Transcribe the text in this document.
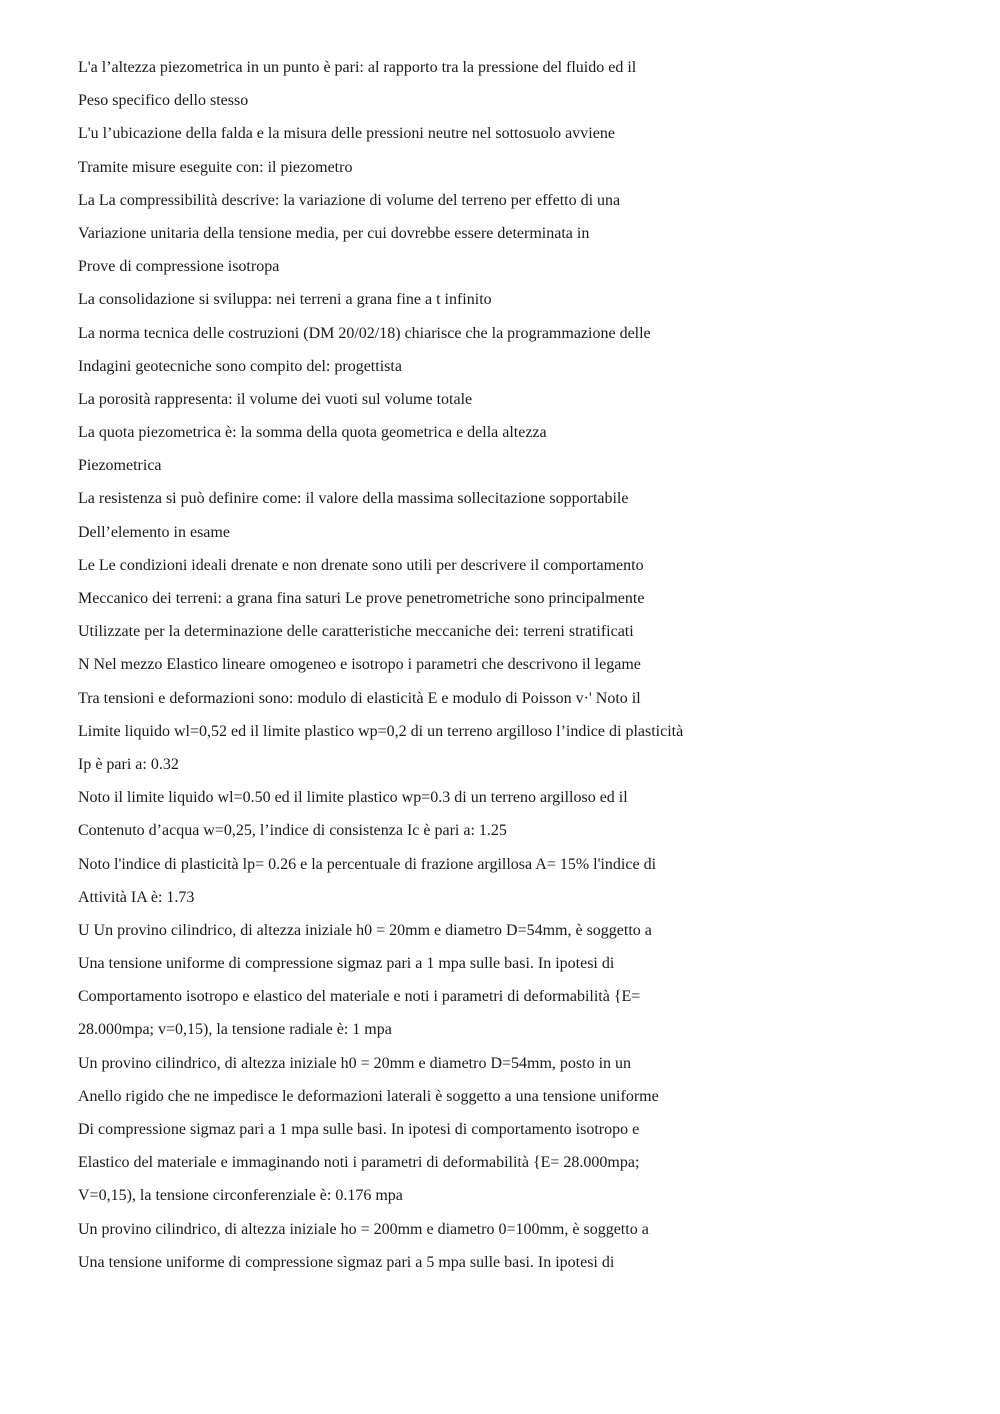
L'a l’altezza piezometrica in un punto è pari: al rapporto tra la pressione del fluido ed il
Peso specifico dello stesso
L'u l’ubicazione della falda e la misura delle pressioni neutre nel sottosuolo avviene
Tramite misure eseguite con: il piezometro
La La compressibilità descrive: la variazione di volume del terreno per effetto di una
Variazione unitaria della tensione media, per cui dovrebbe essere determinata in
Prove di compressione isotropa
La consolidazione si sviluppa: nei terreni a grana fine a t infinito
La norma tecnica delle costruzioni (DM 20/02/18) chiarisce che la programmazione delle
Indagini geotecniche sono compito del: progettista
La porosità rappresenta: il volume dei vuoti sul volume totale
La quota piezometrica è: la somma della quota geometrica e della altezza
Piezometrica
La resistenza si può definire come: il valore della massima sollecitazione sopportabile
Dell’elemento in esame
Le Le condizioni ideali drenate e non drenate sono utili per descrivere il comportamento
Meccanico dei terreni: a grana fina saturi Le prove penetrometriche sono principalmente
Utilizzate per la determinazione delle caratteristiche meccaniche dei: terreni stratificati
N Nel mezzo Elastico lineare omogeneo e isotropo i parametri che descrivono il legame
Tra tensioni e deformazioni sono: modulo di elasticità E e modulo di Poisson v·' Noto il
Limite liquido wl=0,52 ed il limite plastico wp=0,2 di un terreno argilloso l’indice di plasticità
Ip è pari a: 0.32
Noto il limite liquido wl=0.50 ed il limite plastico wp=0.3 di un terreno argilloso ed il
Contenuto d’acqua w=0,25, l’indice di consistenza Ic è pari a: 1.25
Noto l'indice di plasticità lp= 0.26 e la percentuale di frazione argillosa A= 15% l'indice di
Attività IA è: 1.73
U Un provino cilindrico, di altezza iniziale h0 = 20mm e diametro D=54mm, è soggetto a
Una tensione uniforme di compressione sigmaz pari a 1 mpa sulle basi. In ipotesi di
Comportamento isotropo e elastico del materiale e noti i parametri di deformabilità {E=
28.000mpa; v=0,15), la tensione radiale è: 1 mpa
Un provino cilindrico, di altezza iniziale h0 = 20mm e diametro D=54mm, posto in un
Anello rigido che ne impedisce le deformazioni laterali è soggetto a una tensione uniforme
Di compressione sigmaz pari a 1 mpa sulle basi. In ipotesi di comportamento isotropo e
Elastico del materiale e immaginando noti i parametri di deformabilità {E= 28.000mpa;
V=0,15), la tensione circonferenziale è: 0.176 mpa
Un provino cilindrico, di altezza iniziale ho = 200mm e diametro 0=100mm, è soggetto a
Una tensione uniforme di compressione sìgmaz pari a 5 mpa sulle basi. In ipotesi di
